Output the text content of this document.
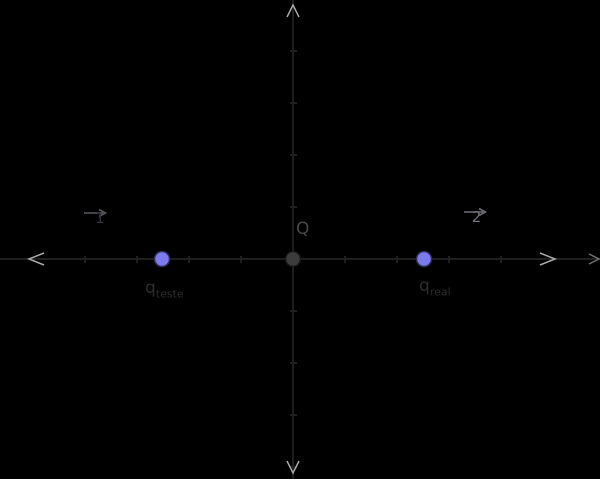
Q
$q_{teste}$	$q_{real}$
1	2
